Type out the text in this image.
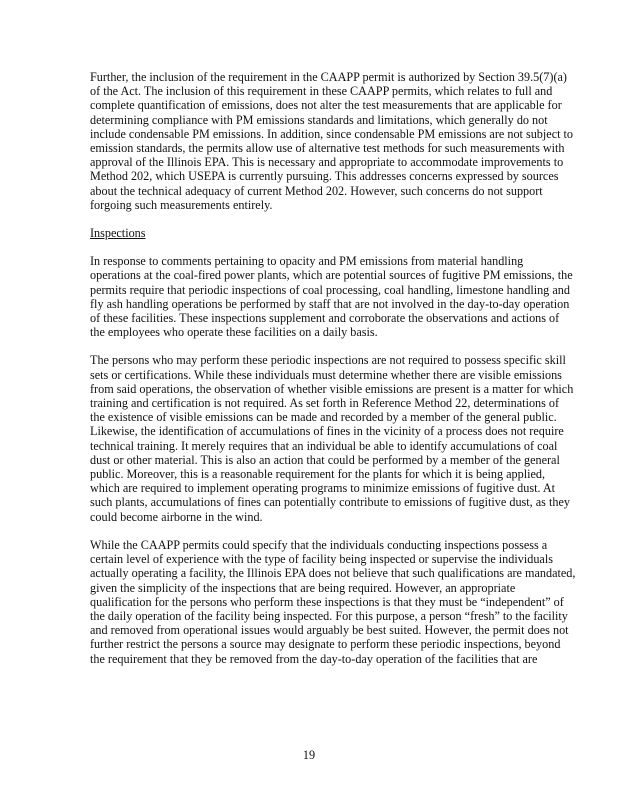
Further, the inclusion of the requirement in the CAAPP permit is authorized by Section 39.5(7)(a) of the Act. The inclusion of this requirement in these CAAPP permits, which relates to full and complete quantification of emissions, does not alter the test measurements that are applicable for determining compliance with PM emissions standards and limitations, which generally do not include condensable PM emissions. In addition, since condensable PM emissions are not subject to emission standards, the permits allow use of alternative test methods for such measurements with approval of the Illinois EPA. This is necessary and appropriate to accommodate improvements to Method 202, which USEPA is currently pursuing. This addresses concerns expressed by sources about the technical adequacy of current Method 202. However, such concerns do not support forgoing such measurements entirely.

Inspections

In response to comments pertaining to opacity and PM emissions from material handling operations at the coal-fired power plants, which are potential sources of fugitive PM emissions, the permits require that periodic inspections of coal processing, coal handling, limestone handling and fly ash handling operations be performed by staff that are not involved in the day-to-day operation of these facilities. These inspections supplement and corroborate the observations and actions of the employees who operate these facilities on a daily basis.

The persons who may perform these periodic inspections are not required to possess specific skill sets or certifications. While these individuals must determine whether there are visible emissions from said operations, the observation of whether visible emissions are present is a matter for which training and certification is not required. As set forth in Reference Method 22, determinations of the existence of visible emissions can be made and recorded by a member of the general public. Likewise, the identification of accumulations of fines in the vicinity of a process does not require technical training. It merely requires that an individual be able to identify accumulations of coal dust or other material. This is also an action that could be performed by a member of the general public. Moreover, this is a reasonable requirement for the plants for which it is being applied, which are required to implement operating programs to minimize emissions of fugitive dust. At such plants, accumulations of fines can potentially contribute to emissions of fugitive dust, as they could become airborne in the wind.

While the CAAPP permits could specify that the individuals conducting inspections possess a certain level of experience with the type of facility being inspected or supervise the individuals actually operating a facility, the Illinois EPA does not believe that such qualifications are mandated, given the simplicity of the inspections that are being required. However, an appropriate qualification for the persons who perform these inspections is that they must be “independent” of the daily operation of the facility being inspected. For this purpose, a person “fresh” to the facility and removed from operational issues would arguably be best suited. However, the permit does not further restrict the persons a source may designate to perform these periodic inspections, beyond the requirement that they be removed from the day-to-day operation of the facilities that are

19
